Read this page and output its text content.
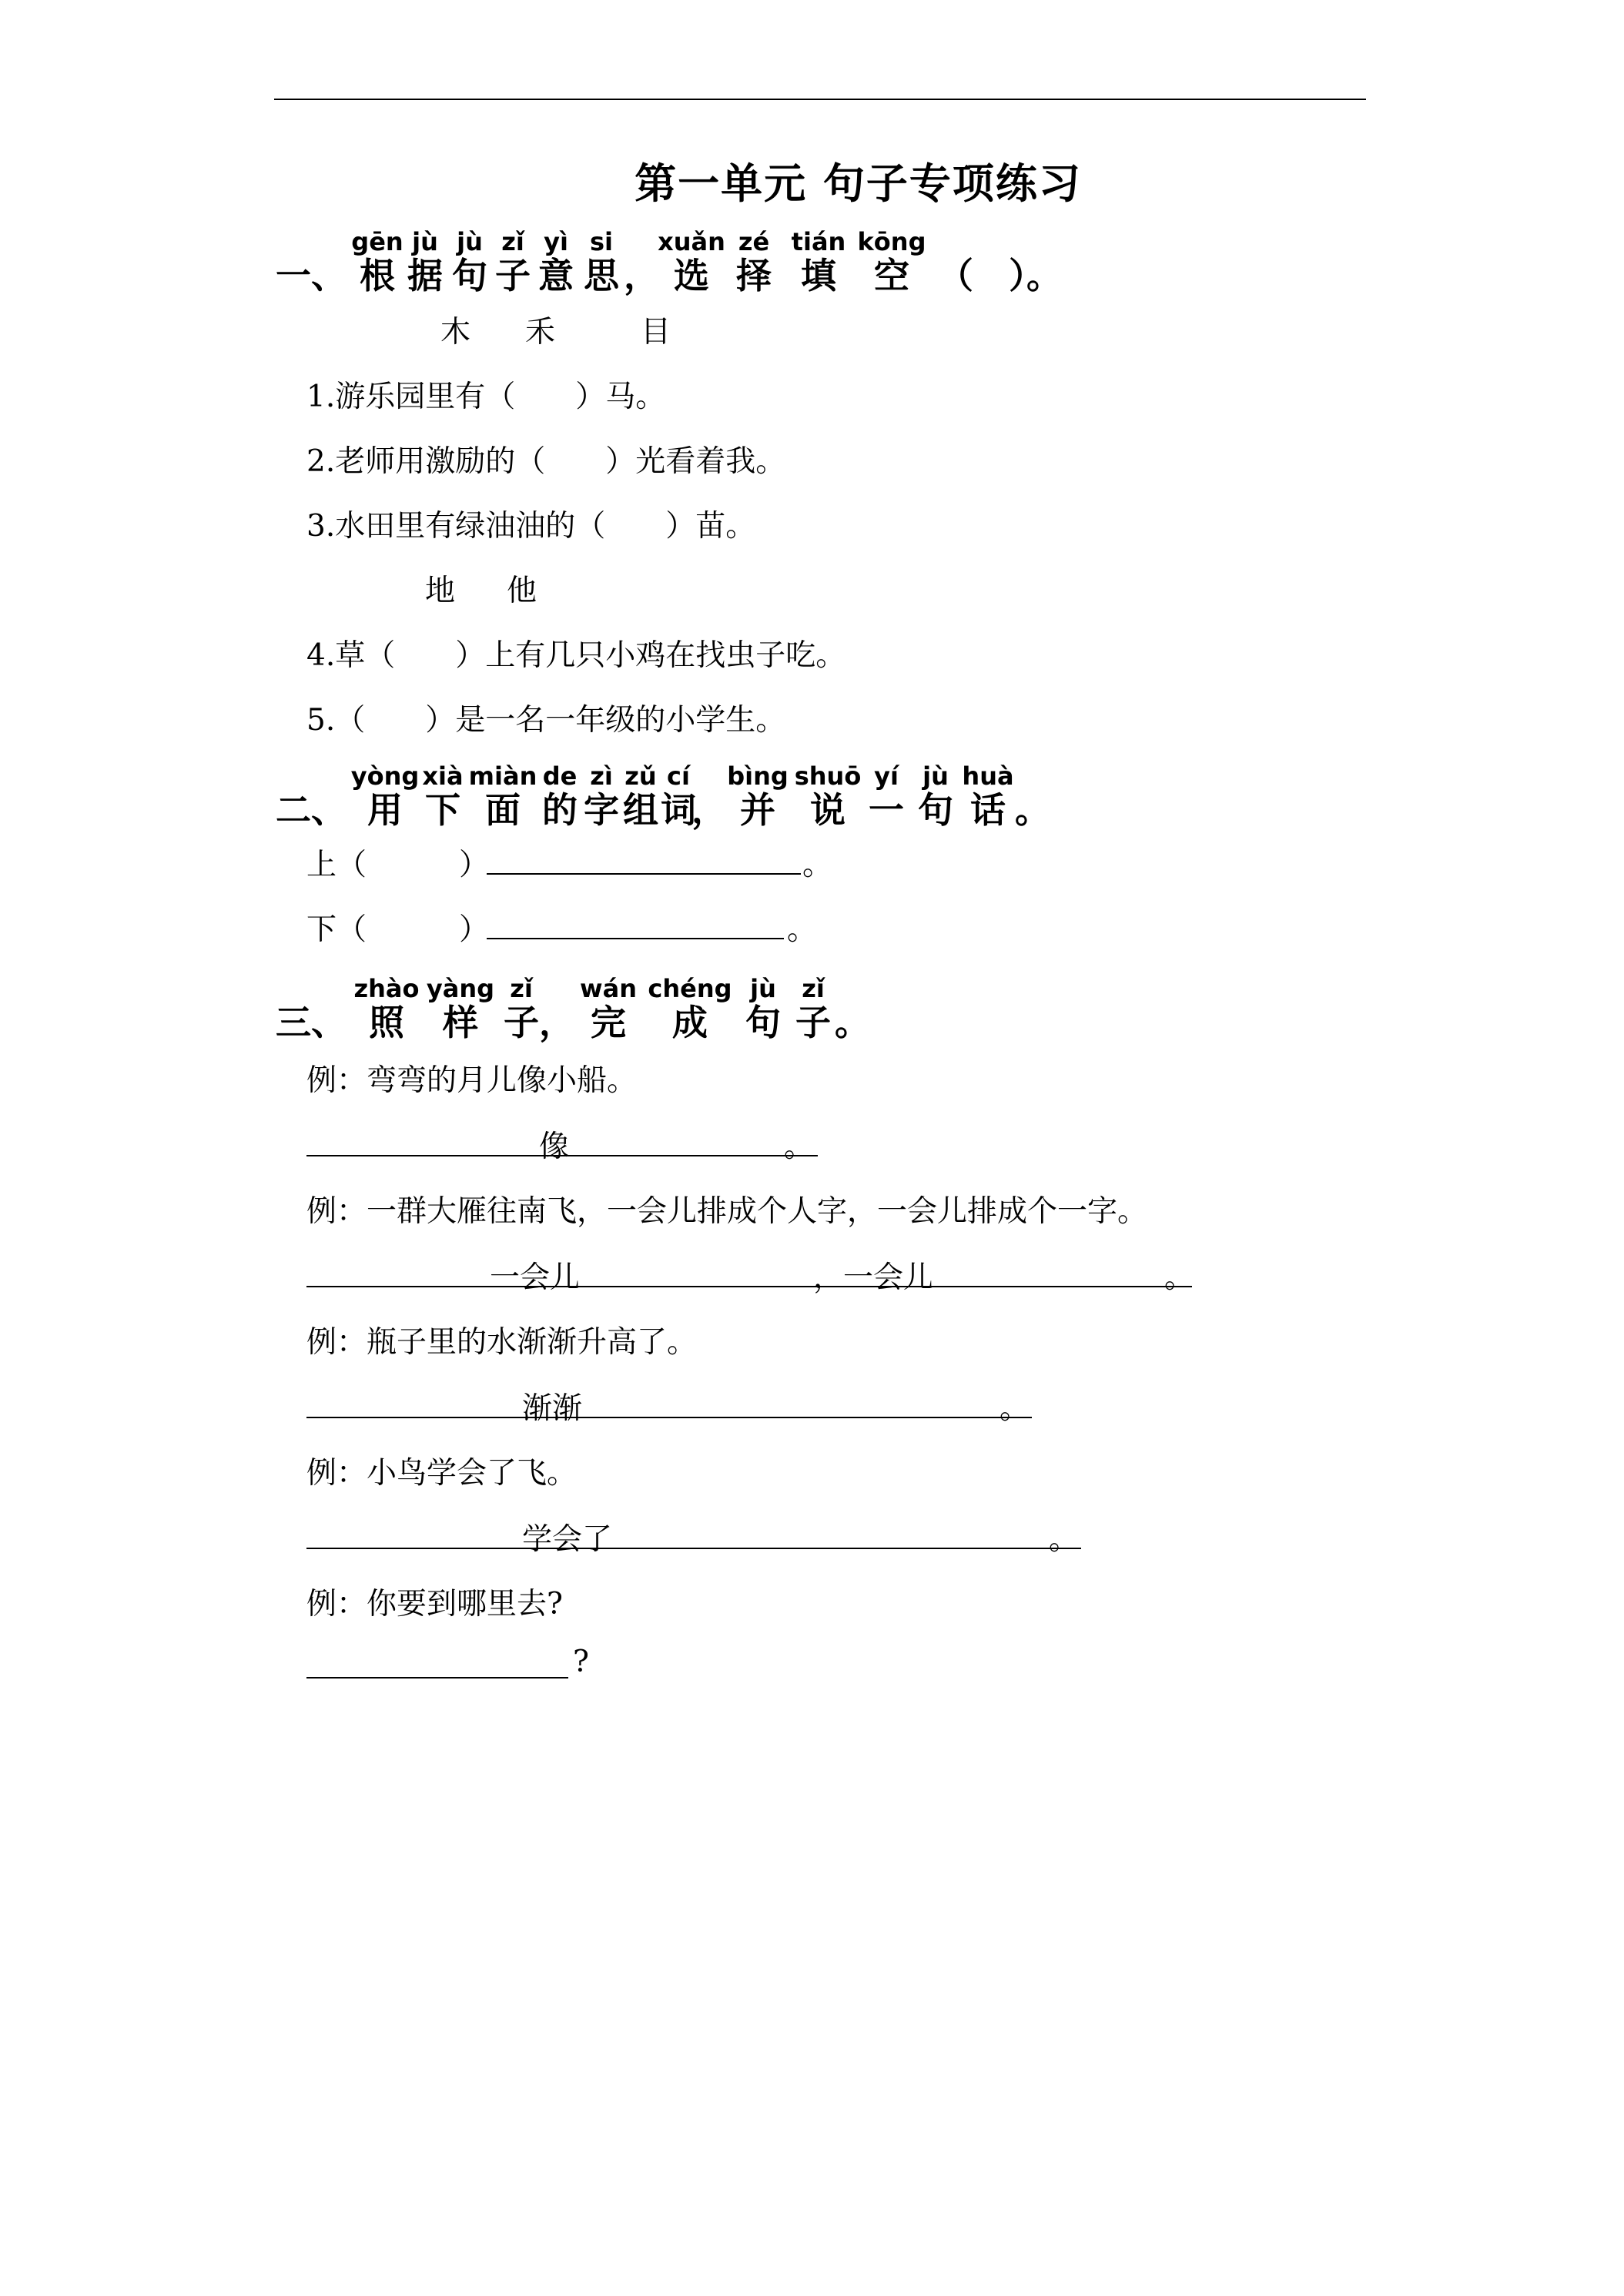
第一单元 句子专项练习
一、
gēn
根
jù
据
jù
句
zǐ
子
yì
意
si
思 ，
xuǎn
选
zé
择
tián
填
kōng
空 （　）。
木 禾	目
1.游乐园里有（　　）马。
2.老师用激励的（　　）光看着我。
3.水田里有绿油油的（　　）苗。
地 他
4.草（　　）上有几只小鸡在找虫子吃。
5.（　　）是一名一年级的小学生。
二、
yòng
用
xià
下
miàn
面
de
的
zì
字
zǔ
组
cí
词
，
bìng
并
shuō
说
yí
一
jù
句
huà
话 。
上（	）	。
下（	）	。
三、
zhào
照
yàng
样
zǐ
子 ，
wán
完
chéng
成
jù
句
zǐ
子 。
例：弯弯的月儿像小船。
像	。
例：一群大雁往南飞，一会儿排成个人字，一会儿排成个一字。
一会儿	，一会儿	。
例：瓶子里的水渐渐升高了。
渐渐	。
例：小鸟学会了飞。
学会了	。
例：你要到哪里去?
?
